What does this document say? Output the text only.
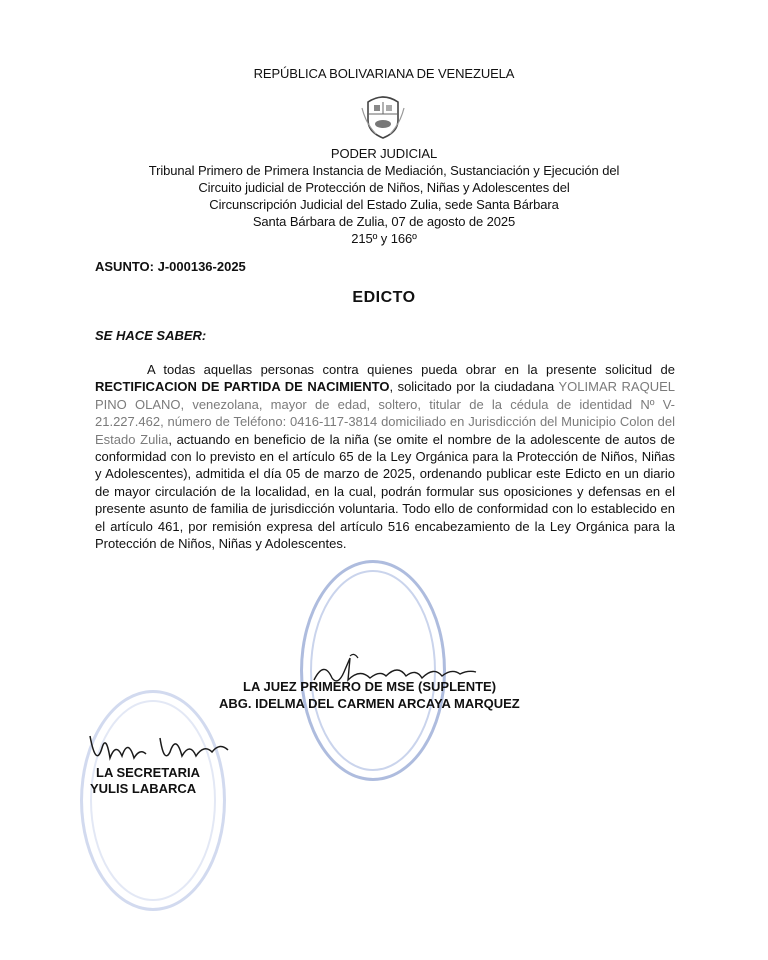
REPÚBLICA BOLIVARIANA DE VENEZUELA
PODER JUDICIAL
Tribunal Primero de Primera Instancia de Mediación, Sustanciación y Ejecución del
Circuito judicial de Protección de Niños, Niñas y Adolescentes del
Circunscripción Judicial del Estado Zulia, sede Santa Bárbara
Santa Bárbara de Zulia, 07 de agosto de 2025
215º y 166º
ASUNTO: J-000136-2025
EDICTO
SE HACE SABER:
A todas aquellas personas contra quienes pueda obrar en la presente solicitud de RECTIFICACION DE PARTIDA DE NACIMIENTO, solicitado por la ciudadana YOLIMAR RAQUEL PINO OLANO, venezolana, mayor de edad, soltero, titular de la cédula de identidad Nº V-21.227.462, número de Teléfono: 0416-117-3814 domiciliado en Jurisdicción del Municipio Colon del Estado Zulia, actuando en beneficio de la niña (se omite el nombre de la adolescente de autos de conformidad con lo previsto en el artículo 65 de la Ley Orgánica para la Protección de Niños, Niñas y Adolescentes), admitida el día 05 de marzo de 2025, ordenando publicar este Edicto en un diario de mayor circulación de la localidad, en la cual, podrán formular sus oposiciones y defensas en el presente asunto de familia de jurisdicción voluntaria. Todo ello de conformidad con lo establecido en el artículo 461, por remisión expresa del artículo 516 encabezamiento de la Ley Orgánica para la Protección de Niños, Niñas y Adolescentes.
LA JUEZ PRIMERO DE MSE (SUPLENTE)
ABG. IDELMA DEL CARMEN ARCAYA MARQUEZ
LA SECRETARIA
YULIS LABARCA
